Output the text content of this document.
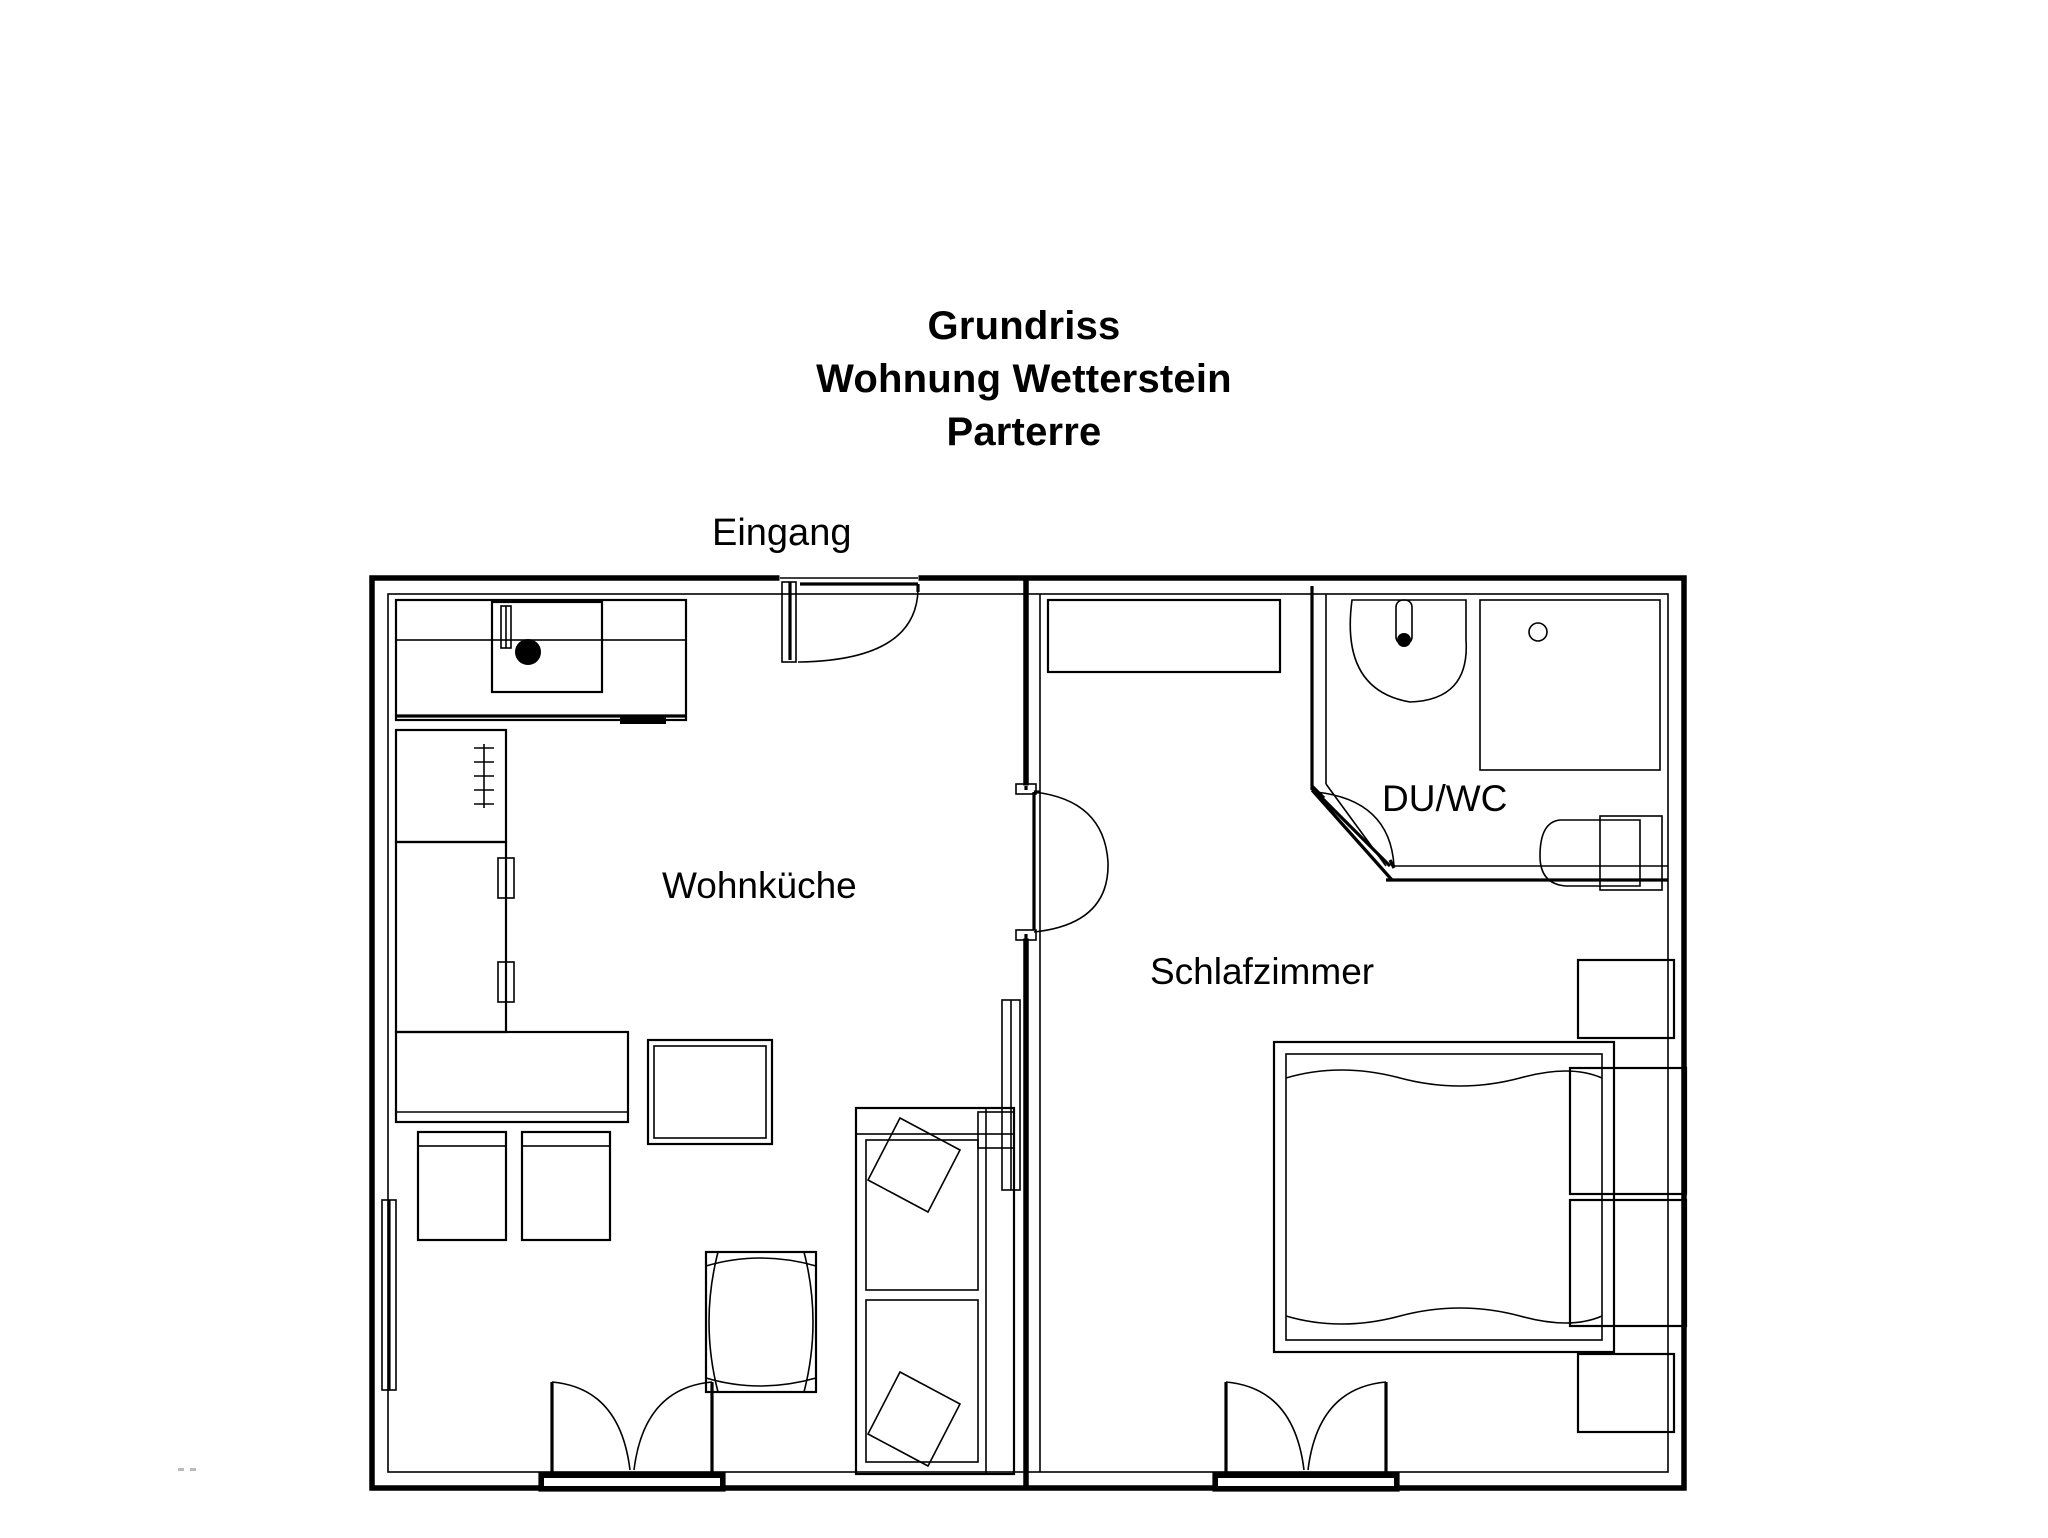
Grundriss
Wohnung Wetterstein
Parterre
Eingang
Wohnküche
DU/WC
Schlafzimmer
